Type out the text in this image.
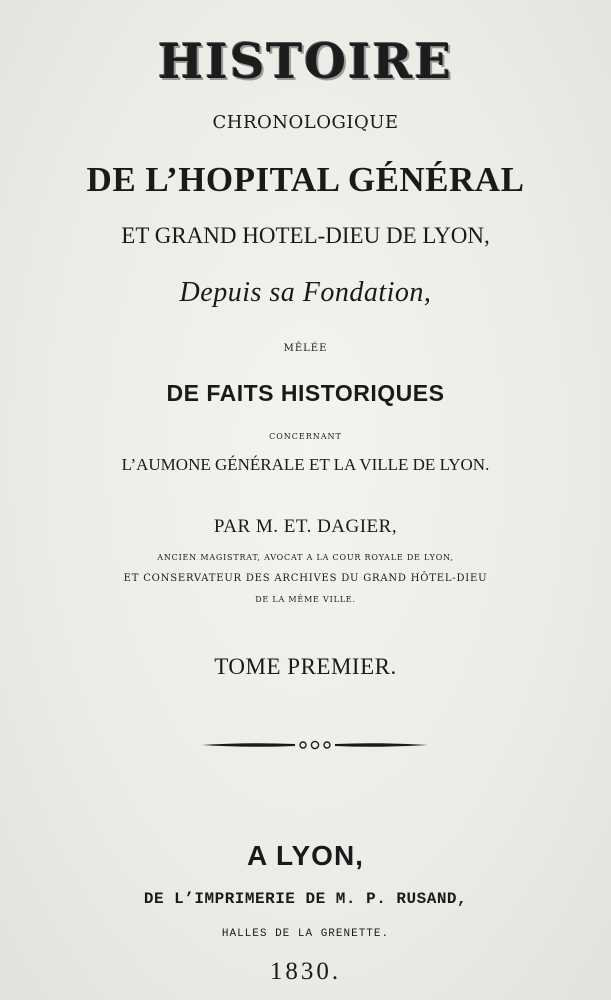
HISTOIRE
CHRONOLOGIQUE
DE L’HOPITAL GÉNÉRAL
ET GRAND HOTEL-DIEU DE LYON,
Depuis sa Fondation,
MÊLÉE
DE FAITS HISTORIQUES
CONCERNANT
L’AUMONE GÉNÉRALE ET LA VILLE DE LYON.
PAR M. ET. DAGIER,
ANCIEN MAGISTRAT, AVOCAT A LA COUR ROYALE DE LYON,
ET CONSERVATEUR DES ARCHIVES DU GRAND HÔTEL-DIEU
DE LA MÊME VILLE.
TOME PREMIER.
A LYON,
DE L’IMPRIMERIE DE M. P. RUSAND,
HALLES DE LA GRENETTE.
1830.
